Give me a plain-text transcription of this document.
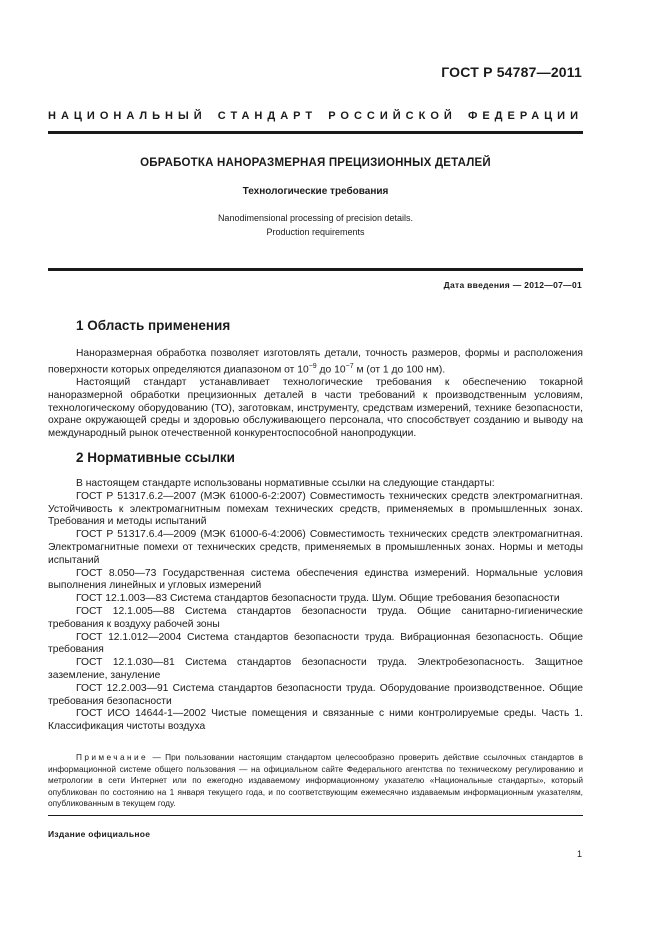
ГОСТ Р 54787—2011
НАЦИОНАЛЬНЫЙ СТАНДАРТ РОССИЙСКОЙ ФЕДЕРАЦИИ
ОБРАБОТКА НАНОРАЗМЕРНАЯ ПРЕЦИЗИОННЫХ ДЕТАЛЕЙ
Технологические требования
Nanodimensional processing of precision details.
Production requirements
Дата введения — 2012—07—01
1 Область применения

Наноразмерная обработка позволяет изготовлять детали, точность размеров, формы и расположения поверхности которых определяются диапазоном от $10^{-9}$ до $10^{-7}$ м (от 1 до 100 нм).

Настоящий стандарт устанавливает технологические требования к обеспечению токарной наноразмерной обработки прецизионных деталей в части требований к производственным условиям, технологическому оборудованию (ТО), заготовкам, инструменту, средствам измерений, технике безопасности, охране окружающей среды и здоровью обслуживающего персонала, что способствует созданию и выводу на международный рынок отечественной конкурентоспособной нанопродукции.

2 Нормативные ссылки

В настоящем стандарте использованы нормативные ссылки на следующие стандарты:

ГОСТ Р 51317.6.2—2007 (МЭК 61000-6-2:2007) Совместимость технических средств электромагнитная. Устойчивость к электромагнитным помехам технических средств, применяемых в промышленных зонах. Требования и методы испытаний

ГОСТ Р 51317.6.4—2009 (МЭК 61000-6-4:2006) Совместимость технических средств электромагнитная. Электромагнитные помехи от технических средств, применяемых в промышленных зонах. Нормы и методы испытаний

ГОСТ 8.050—73 Государственная система обеспечения единства измерений. Нормальные условия выполнения линейных и угловых измерений

ГОСТ 12.1.003—83 Система стандартов безопасности труда. Шум. Общие требования безопасности

ГОСТ 12.1.005—88 Система стандартов безопасности труда. Общие санитарно-гигиенические требования к воздуху рабочей зоны

ГОСТ 12.1.012—2004 Система стандартов безопасности труда. Вибрационная безопасность. Общие требования

ГОСТ 12.1.030—81 Система стандартов безопасности труда. Электробезопасность. Защитное заземление, зануление

ГОСТ 12.2.003—91 Система стандартов безопасности труда. Оборудование производственное. Общие требования безопасности

ГОСТ ИСО 14644-1—2002 Чистые помещения и связанные с ними контролируемые среды. Часть 1. Классификация чистоты воздуха

Примечание — При пользовании настоящим стандартом целесообразно проверить действие ссылочных стандартов в информационной системе общего пользования — на официальном сайте Федерального агентства по техническому регулированию и метрологии в сети Интернет или по ежегодно издаваемому информационному указателю «Национальные стандарты», который опубликован по состоянию на 1 января текущего года, и по соответствующим ежемесячно издаваемым информационным указателям, опубликованным в текущем году.
Издание официальное
1
